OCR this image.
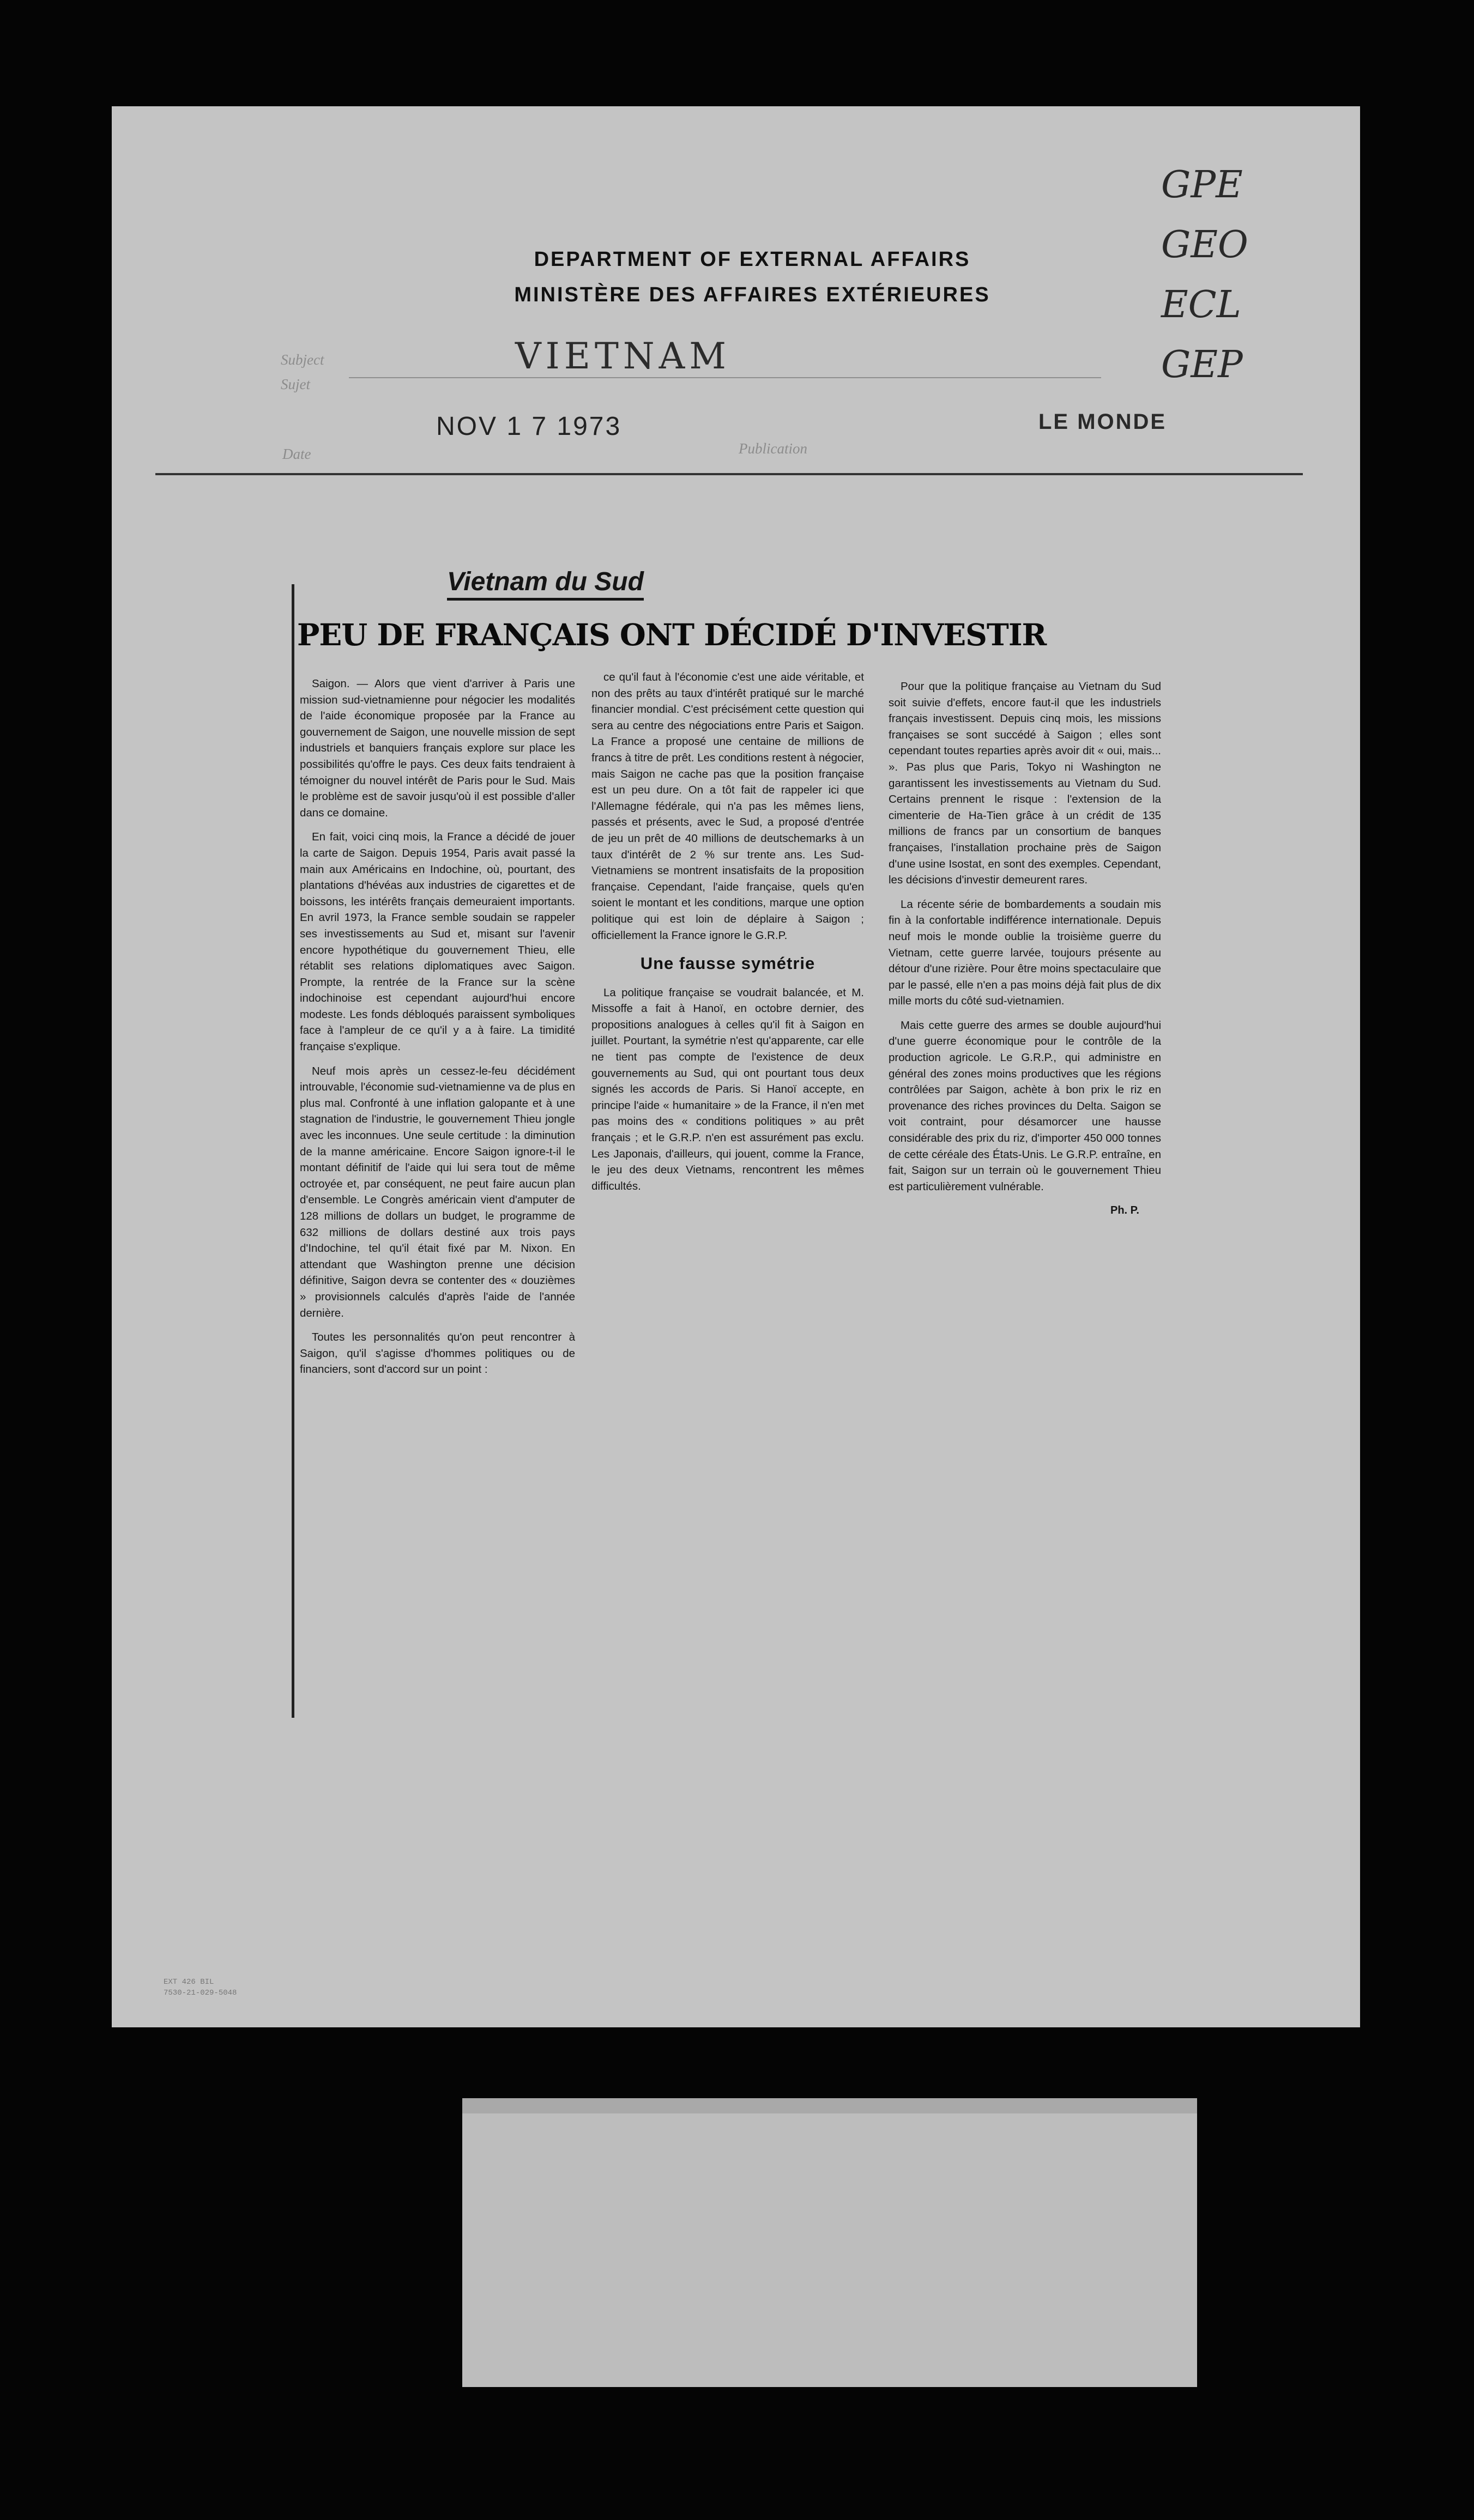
GPE
GEO
ECL
GEP
DEPARTMENT OF EXTERNAL AFFAIRS
MINISTÈRE DES AFFAIRES EXTÉRIEURES
Subject
Sujet
VIETNAM
Date
NOV 1 7 1973
Publication
LE MONDE
Vietnam du Sud
PEU DE FRANÇAIS ONT DÉCIDÉ D'INVESTIR

Saigon. — Alors que vient d'arriver à Paris une mission sud-vietnamienne pour négocier les modalités de l'aide économique proposée par la France au gouvernement de Saigon, une nouvelle mission de sept industriels et banquiers français explore sur place les possibilités qu'offre le pays. Ces deux faits tendraient à témoigner du nouvel intérêt de Paris pour le Sud. Mais le problème est de savoir jusqu'où il est possible d'aller dans ce domaine.

En fait, voici cinq mois, la France a décidé de jouer la carte de Saigon. Depuis 1954, Paris avait passé la main aux Américains en Indochine, où, pourtant, des plantations d'hévéas aux industries de cigarettes et de boissons, les intérêts français demeuraient importants. En avril 1973, la France semble soudain se rappeler ses investissements au Sud et, misant sur l'avenir encore hypothétique du gouvernement Thieu, elle rétablit ses relations diplomatiques avec Saigon. Prompte, la rentrée de la France sur la scène indochinoise est cependant aujourd'hui encore modeste. Les fonds débloqués paraissent symboliques face à l'ampleur de ce qu'il y a à faire. La timidité française s'explique.

Neuf mois après un cessez-le-feu décidément introuvable, l'économie sud-vietnamienne va de plus en plus mal. Confronté à une inflation galopante et à une stagnation de l'industrie, le gouvernement Thieu jongle avec les inconnues. Une seule certitude : la diminution de la manne américaine. Encore Saigon ignore-t-il le montant définitif de l'aide qui lui sera tout de même octroyée et, par conséquent, ne peut faire aucun plan d'ensemble. Le Congrès américain vient d'amputer de 128 millions de dollars un budget, le programme de 632 millions de dollars destiné aux trois pays d'Indochine, tel qu'il était fixé par M. Nixon. En attendant que Washington prenne une décision définitive, Saigon devra se contenter des « douzièmes » provisionnels calculés d'après l'aide de l'année dernière.

Toutes les personnalités qu'on peut rencontrer à Saigon, qu'il s'agisse d'hommes politiques ou de financiers, sont d'accord sur un point :

ce qu'il faut à l'économie c'est une aide véritable, et non des prêts au taux d'intérêt pratiqué sur le marché financier mondial. C'est précisément cette question qui sera au centre des négociations entre Paris et Saigon. La France a proposé une centaine de millions de francs à titre de prêt. Les conditions restent à négocier, mais Saigon ne cache pas que la position française est un peu dure. On a tôt fait de rappeler ici que l'Allemagne fédérale, qui n'a pas les mêmes liens, passés et présents, avec le Sud, a proposé d'entrée de jeu un prêt de 40 millions de deutschemarks à un taux d'intérêt de 2 % sur trente ans. Les Sud-Vietnamiens se montrent insatisfaits de la proposition française. Cependant, l'aide française, quels qu'en soient le montant et les conditions, marque une option politique qui est loin de déplaire à Saigon ; officiellement la France ignore le G.R.P.

Une fausse symétrie

La politique française se voudrait balancée, et M. Missoffe a fait à Hanoï, en octobre dernier, des propositions analogues à celles qu'il fit à Saigon en juillet. Pourtant, la symétrie n'est qu'apparente, car elle ne tient pas compte de l'existence de deux gouvernements au Sud, qui ont pourtant tous deux signés les accords de Paris. Si Hanoï accepte, en principe l'aide « humanitaire » de la France, il n'en met pas moins des « conditions politiques » au prêt français ; et le G.R.P. n'en est assurément pas exclu. Les Japonais, d'ailleurs, qui jouent, comme la France, le jeu des deux Vietnams, rencontrent les mêmes difficultés.

Pour que la politique française au Vietnam du Sud soit suivie d'effets, encore faut-il que les industriels français investissent. Depuis cinq mois, les missions françaises se sont succédé à Saigon ; elles sont cependant toutes reparties après avoir dit « oui, mais... ». Pas plus que Paris, Tokyo ni Washington ne garantissent les investissements au Vietnam du Sud. Certains prennent le risque : l'extension de la cimenterie de Ha-Tien grâce à un crédit de 135 millions de francs par un consortium de banques françaises, l'installation prochaine près de Saigon d'une usine Isostat, en sont des exemples. Cependant, les décisions d'investir demeurent rares.

La récente série de bombardements a soudain mis fin à la confortable indifférence internationale. Depuis neuf mois le monde oublie la troisième guerre du Vietnam, cette guerre larvée, toujours présente au détour d'une rizière. Pour être moins spectaculaire que par le passé, elle n'en a pas moins déjà fait plus de dix mille morts du côté sud-vietnamien.

Mais cette guerre des armes se double aujourd'hui d'une guerre économique pour le contrôle de la production agricole. Le G.R.P., qui administre en général des zones moins productives que les régions contrôlées par Saigon, achète à bon prix le riz en provenance des riches provinces du Delta. Saigon se voit contraint, pour désamorcer une hausse considérable des prix du riz, d'importer 450 000 tonnes de cette céréale des États-Unis. Le G.R.P. entraîne, en fait, Saigon sur un terrain où le gouvernement Thieu est particulièrement vulnérable.

Ph. P.
EXT 426 BIL
7530-21-029-5048
